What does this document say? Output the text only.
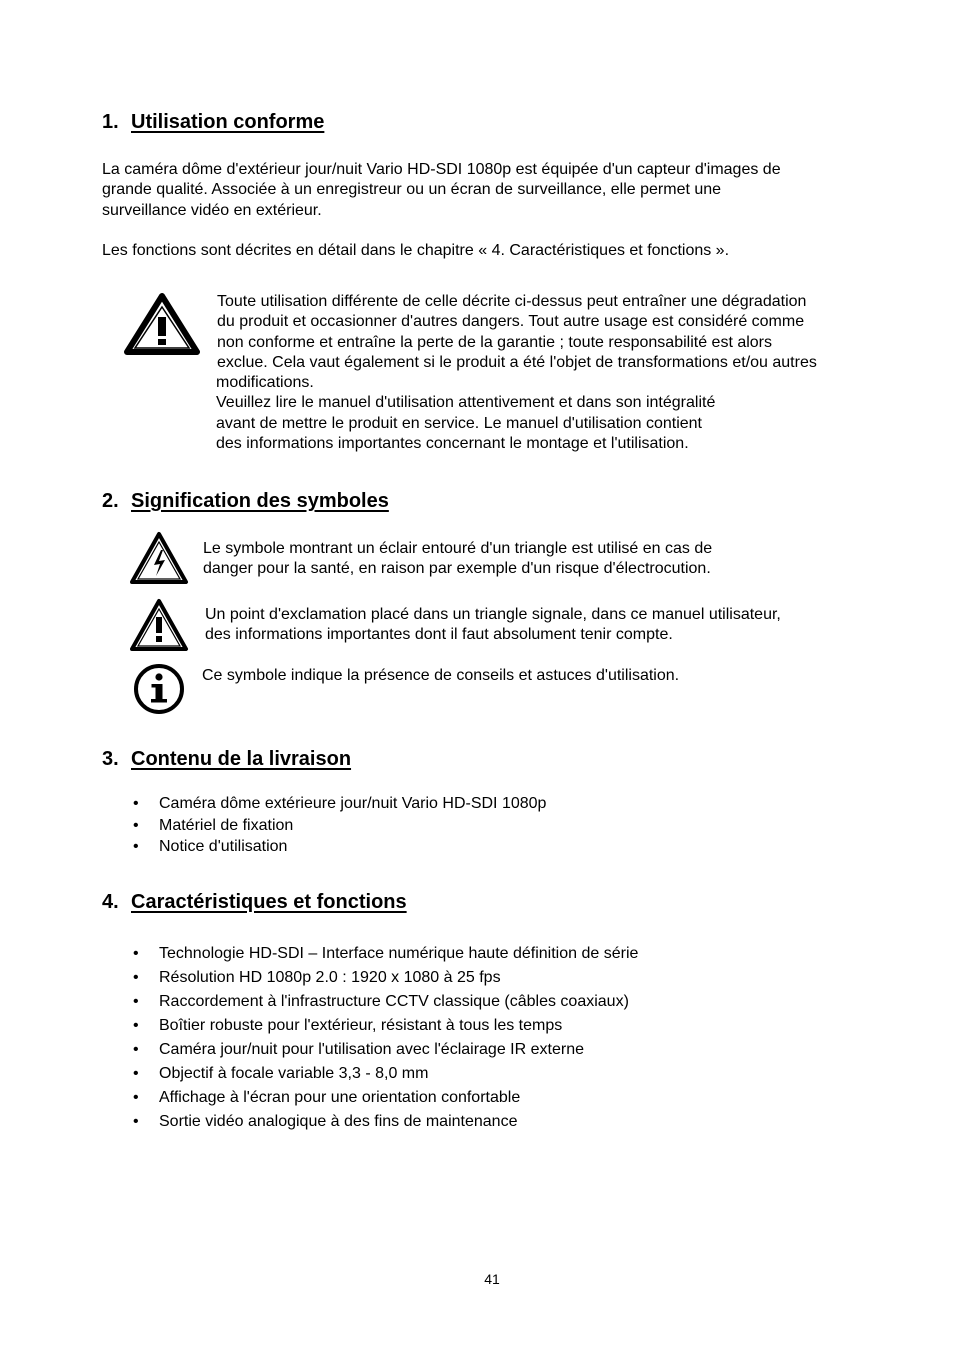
1. Utilisation conforme
La caméra dôme d'extérieur jour/nuit Vario HD-SDI 1080p est équipée d'un capteur d'images de
grande qualité. Associée à un enregistreur ou un écran de surveillance, elle permet une
surveillance vidéo en extérieur.
Les fonctions sont décrites en détail dans le chapitre « 4. Caractéristiques et fonctions ».
Toute utilisation différente de celle décrite ci-dessus peut entraîner une dégradation
du produit et occasionner d'autres dangers. Tout autre usage est considéré comme
non conforme et entraîne la perte de la garantie ; toute responsabilité est alors
exclue. Cela vaut également si le produit a été l'objet de transformations et/ou autres
modifications.
Veuillez lire le manuel d'utilisation attentivement et dans son intégralité
avant de mettre le produit en service. Le manuel d'utilisation contient
des informations importantes concernant le montage et l'utilisation.
2. Signification des symboles
Le symbole montrant un éclair entouré d'un triangle est utilisé en cas de
danger pour la santé, en raison par exemple d'un risque d'électrocution.
Un point d'exclamation placé dans un triangle signale, dans ce manuel utilisateur,
des informations importantes dont il faut absolument tenir compte.
Ce symbole indique la présence de conseils et astuces d'utilisation.
3. Contenu de la livraison
• Caméra dôme extérieure jour/nuit Vario HD-SDI 1080p
• Matériel de fixation
• Notice d'utilisation
4. Caractéristiques et fonctions
• Technologie HD-SDI – Interface numérique haute définition de série
• Résolution HD 1080p 2.0 : 1920 x 1080 à 25 fps
• Raccordement à l'infrastructure CCTV classique (câbles coaxiaux)
• Boîtier robuste pour l'extérieur, résistant à tous les temps
• Caméra jour/nuit pour l'utilisation avec l'éclairage IR externe
• Objectif à focale variable 3,3 - 8,0 mm
• Affichage à l'écran pour une orientation confortable
• Sortie vidéo analogique à des fins de maintenance
41
